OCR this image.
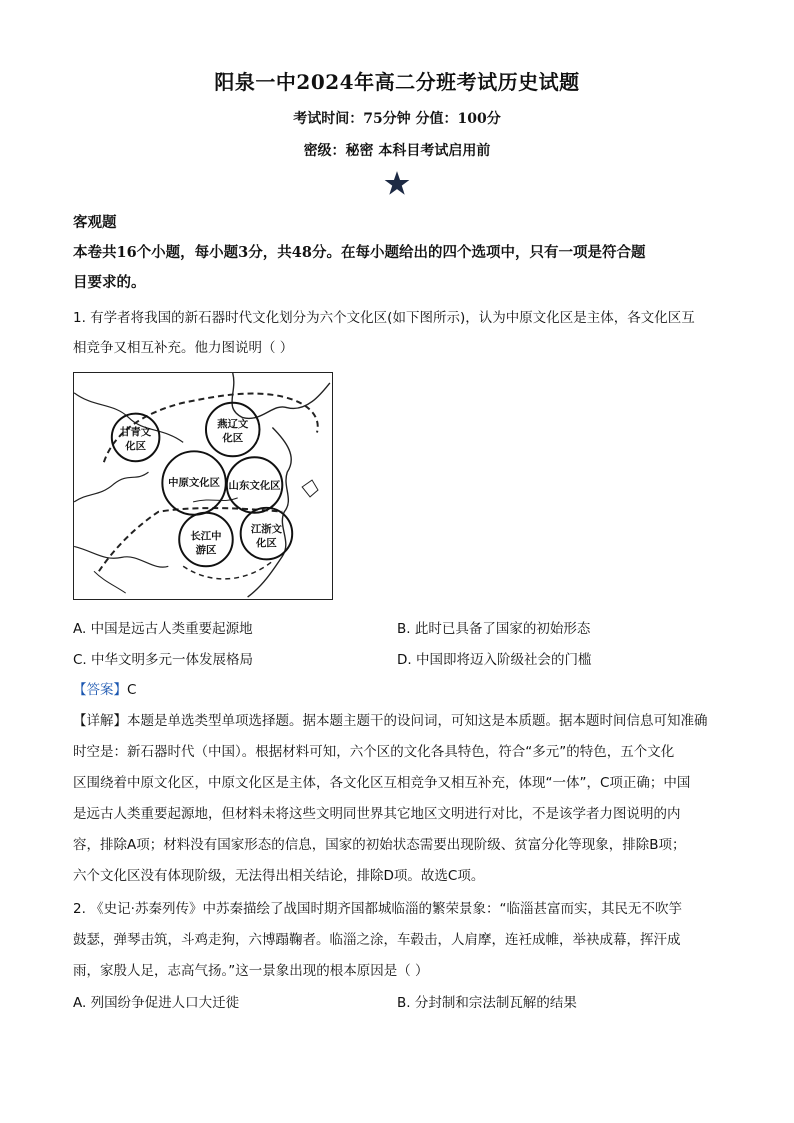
阳泉一中2024年高二分班考试历史试题
考试时间：75分钟 分值：100分
密级：秘密 本科目考试启用前
客观题
本卷共16个小题，每小题3分，共48分。在每小题给出的四个选项中，只有一项是符合题
目要求的。
1. 有学者将我国的新石器时代文化划分为六个文化区(如下图所示)，认为中原文化区是主体，各文化区互
相竞争又相互补充。他力图说明（ ）
燕辽文
化区
甘青文
化区
中原文化区 山东文化区
长江中
游区
江浙文
化区
A. 中国是远古人类重要起源地	B. 此时已具备了国家的初始形态
C. 中华文明多元一体发展格局	D. 中国即将迈入阶级社会的门槛
【答案】C
【详解】本题是单选类型单项选择题。据本题主题干的设问词，可知这是本质题。据本题时间信息可知准确
时空是：新石器时代（中国）。根据材料可知，六个区的文化各具特色，符合“多元”的特色，五个文化
区围绕着中原文化区，中原文化区是主体，各文化区互相竞争又相互补充，体现“一体”，C项正确；中国
是远古人类重要起源地，但材料未将这些文明同世界其它地区文明进行对比，不是该学者力图说明的内
容，排除A项；材料没有国家形态的信息，国家的初始状态需要出现阶级、贫富分化等现象，排除B项；
六个文化区没有体现阶级，无法得出相关结论，排除D项。故选C项。
2. 《史记·苏秦列传》中苏秦描绘了战国时期齐国都城临淄的繁荣景象：“临淄甚富而实，其民无不吹竽
鼓瑟，弹琴击筑，斗鸡走狗，六博蹋鞠者。临淄之涂，车毂击，人肩摩，连衽成帷，举袂成幕，挥汗成
雨，家殷人足，志高气扬。”这一景象出现的根本原因是（ ）
A. 列国纷争促进人口大迁徙	B. 分封制和宗法制瓦解的结果
